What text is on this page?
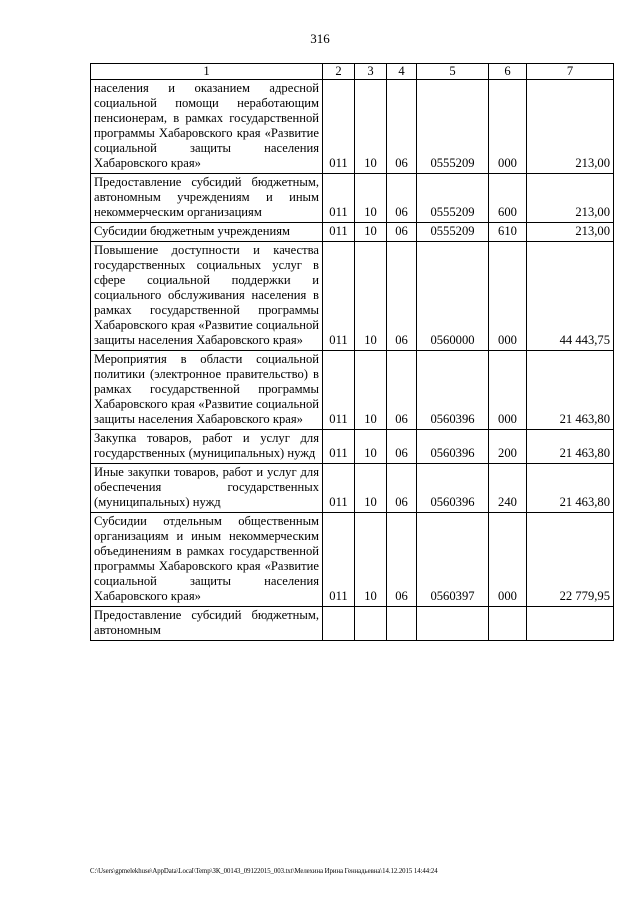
316
1	2	3	4	5	6	7

населения и оказанием адресной социальной помощи неработающим пенсионерам, в рамках государственной программы Хабаровского края «Развитие социальной защиты населения Хабаровского края»	011	10	06	0555209	000	213,00

Предоставление субсидий бюджетным, автономным учреждениям и иным некоммерческим организациям	011	10	06	0555209	600	213,00

Субсидии бюджетным учреждениям	011	10	06	0555209	610	213,00

Повышение доступности и качества государственных социальных услуг в сфере социальной поддержки и социального обслуживания населения в рамках государственной программы Хабаровского края «Развитие социальной защиты населения Хабаровского края»	011	10	06	0560000	000	44 443,75

Мероприятия в области социальной политики (электронное правительство) в рамках государственной программы Хабаровского края «Развитие социальной защиты населения Хабаровского края»	011	10	06	0560396	000	21 463,80

Закупка товаров, работ и услуг для государственных (муниципальных) нужд	011	10	06	0560396	200	21 463,80

Иные закупки товаров, работ и услуг для обеспечения государственных (муниципальных) нужд	011	10	06	0560396	240	21 463,80

Субсидии отдельным общественным организациям и иным некоммерческим объединениям в рамках государственной программы Хабаровского края «Развитие социальной защиты населения Хабаровского края»	011	10	06	0560397	000	22 779,95

Предоставление субсидий бюджетным, автономным						

C:\Users\gpmelekhuse\AppData\Local\Temp\ЗК_00143_09122015_003.txt\Мелехина Ирина Геннадьевна\14.12.2015 14:44:24
